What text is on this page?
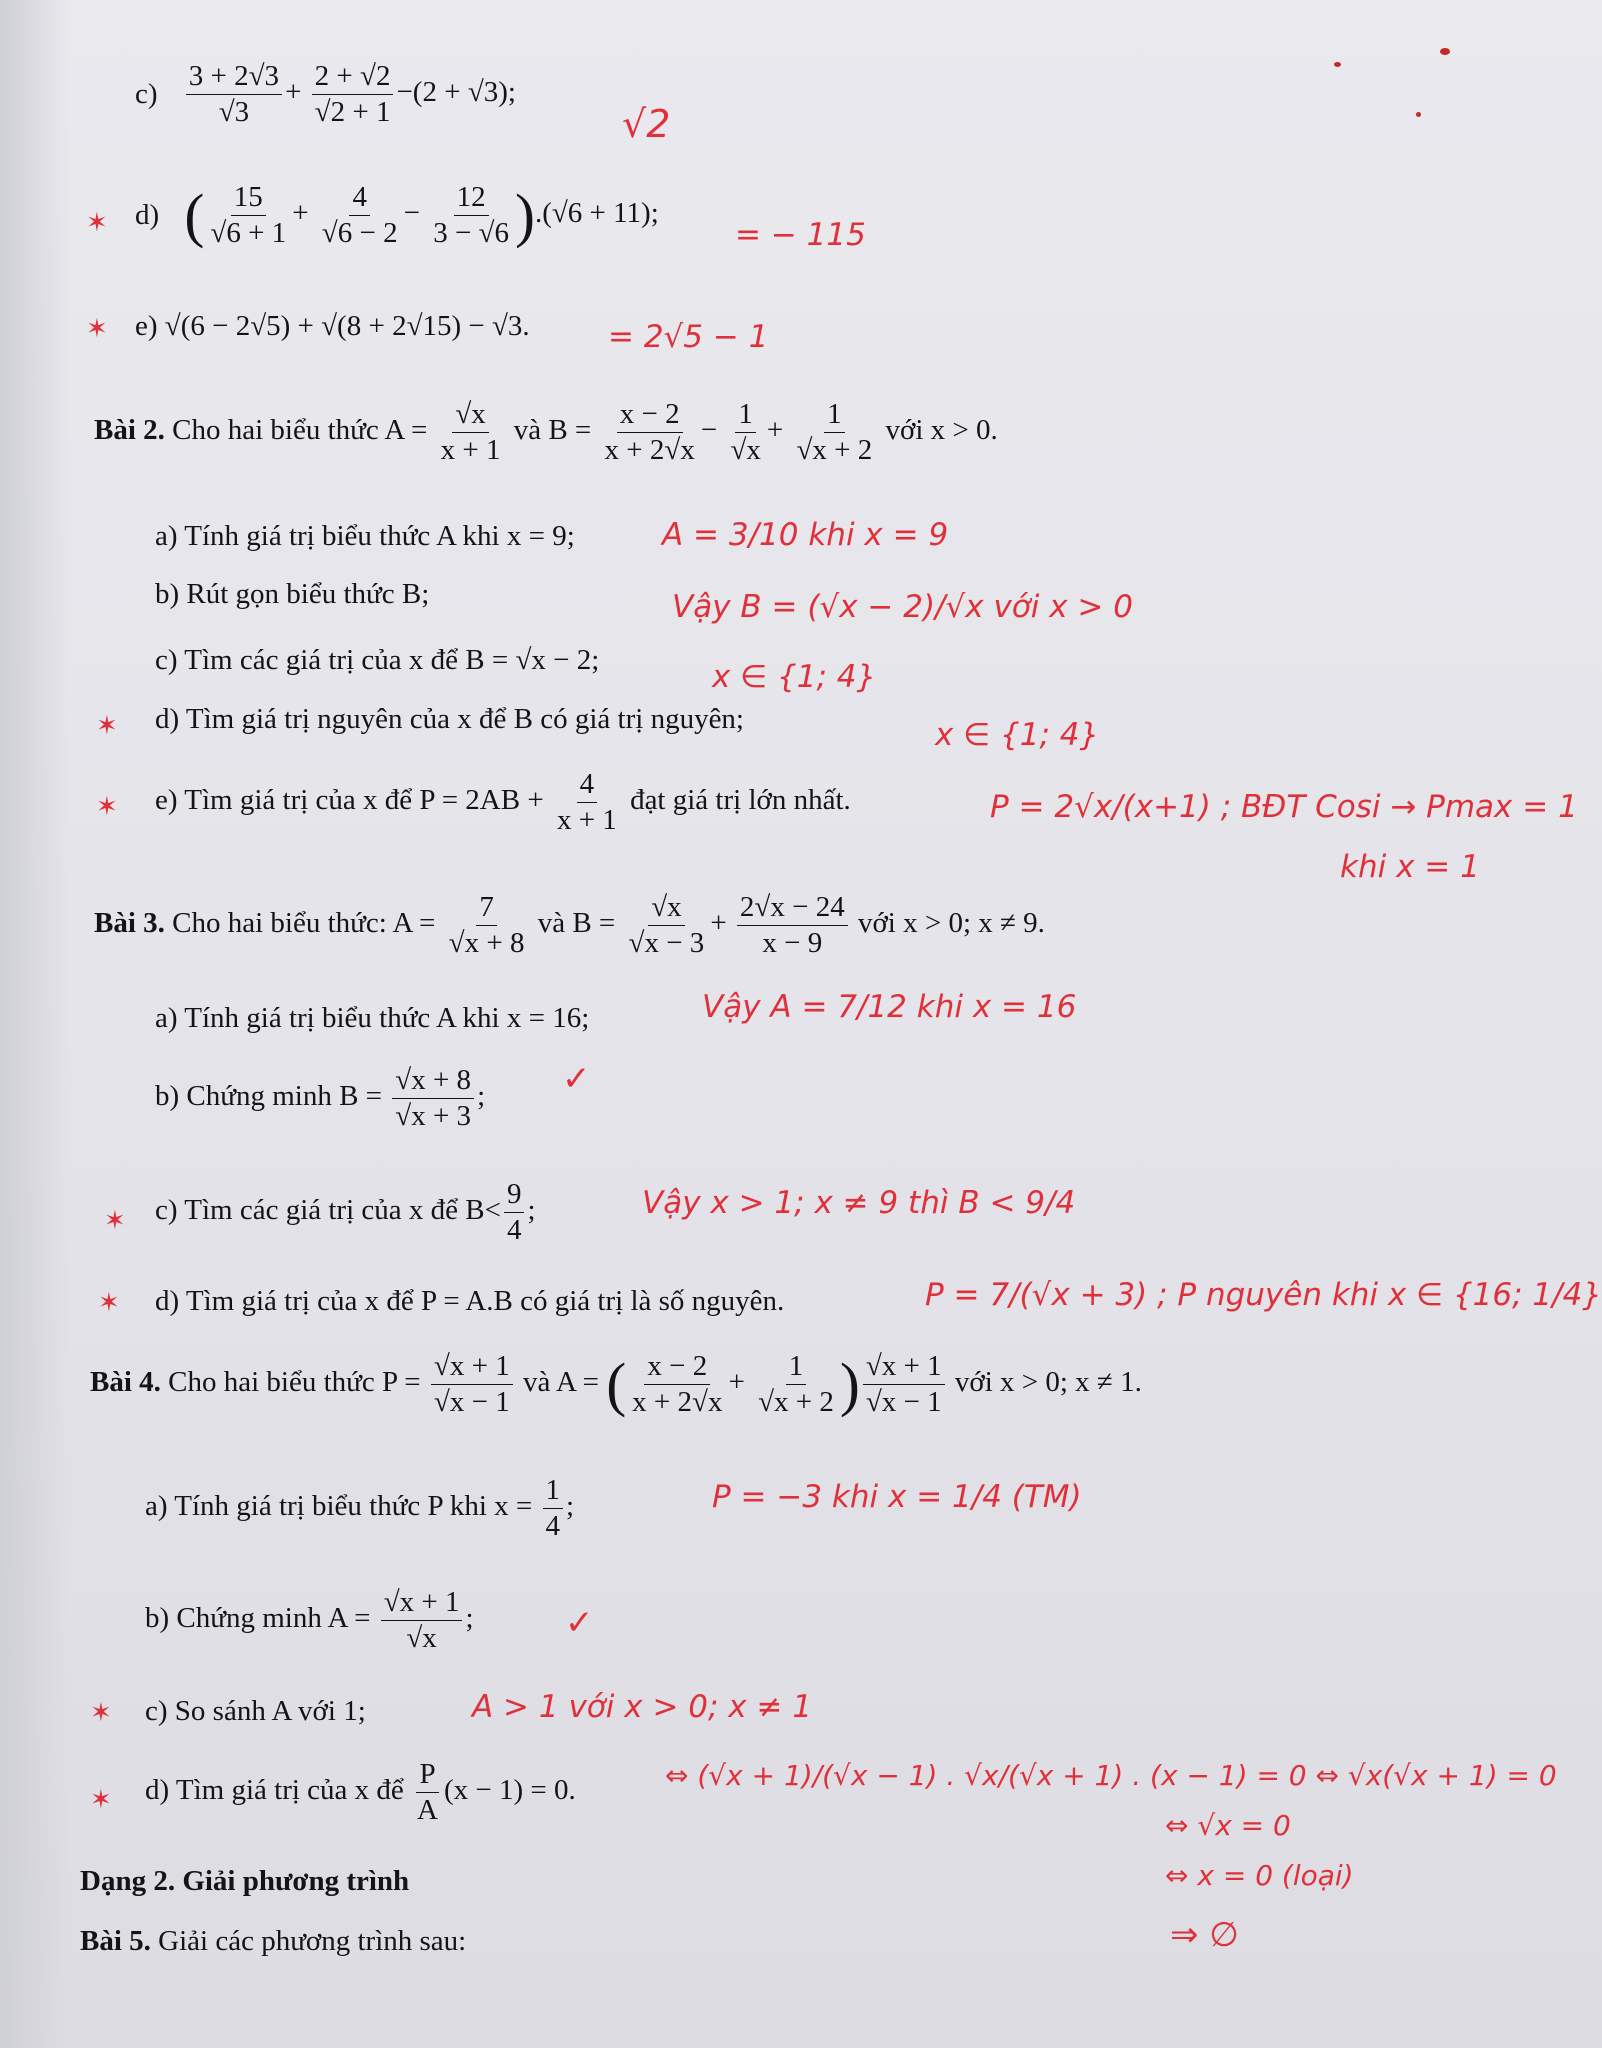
$c) \frac{3 + 2√3}{√3} + \frac{2 + √2}{√2 + 1} -(2 + √3)$;
√2
✶ d) ( $\frac{15}{√6 + 1} + \frac{4}{√6 - 2} - \frac{12}{3 - √6} ).(√6 + 11)$;
= − 115
✶ e) √(6 − 2√5) + √(8 + 2√15) − √3.	= 2√5 − 1
Bài 2. Cho hai biểu thức $A = \frac{√x}{x + 1}$ và $B = \frac{x - 2}{x + 2√x} - \frac{1}{√x} + \frac{1}{√x + 2}$ với x > 0.
a) Tính giá trị biểu thức A khi x = 9;	A = 3/10 khi x = 9
b) Rút gọn biểu thức B;	Vậy B = (√x − 2)/√x với x > 0
c) Tìm các giá trị của x để B = √x − 2;	x ∈ {1; 4}
✶ d) Tìm giá trị nguyên của x để B có giá trị nguyên;	x ∈ {1; 4}
✶ e) Tìm giá trị của x để $P = 2AB + \frac{4}{x + 1}$ đạt giá trị lớn nhất.	P = 2√x/(x+1) ; BĐT Cosi → Pmax = 1
khi x = 1
Bài 3. Cho hai biểu thức: $A = \frac{7}{√x + 8}$ và $B = \frac{√x}{√x - 3} + \frac{2√x - 24}{x - 9}$ với x > 0; x ≠ 9.
a) Tính giá trị biểu thức A khi x = 16;	Vậy A = 7/12 khi x = 16
b) Chứng minh $B = \frac{√x + 8}{√x + 3}$ ; ✓
✶ c) Tìm các giá trị của x để $B< \frac{9}{4}$ ;	Vậy x > 1; x ≠ 9 thì B < 9/4
✶ d) Tìm giá trị của x để P = A.B có giá trị là số nguyên.	P = 7/(√x + 3) ; P nguyên khi x ∈ {16; 1/4}
Bài 4. Cho hai biểu thức $P = \frac{√x + 1}{√x - 1}$ và A = ( $\frac{x - 2}{x + 2√x} + \frac{1}{√x + 2}$ ) $\frac{√x + 1}{√x - 1}$ với x > 0; x ≠ 1.
a) Tính giá trị biểu thức P khi $x = \frac{1}{4}$ ;	P = −3 khi x = 1/4 (TM)
b) Chứng minh $A = \frac{√x + 1}{√x}$ ;	✓
✶ c) So sánh A với 1;	A > 1 với x > 0; x ≠ 1
✶ d) Tìm giá trị của x để $\frac{P}{A} (x - 1) = 0$.	⇔ (√x + 1)/(√x − 1) . √x/(√x + 1) . (x − 1) = 0 ⇔ √x(√x + 1) = 0
⇔ √x = 0
⇔ x = 0 (loại)
⇒ ∅
Dạng 2. Giải phương trình
Bài 5. Giải các phương trình sau:
